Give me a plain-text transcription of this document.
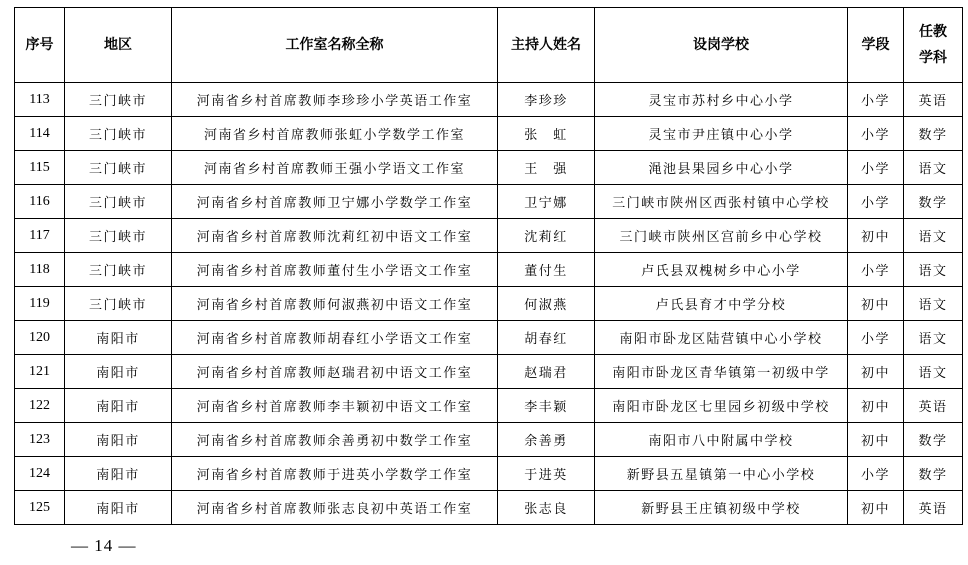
序号	地区	工作室名称全称	主持人姓名	设岗学校	学段	任教
学科

113	三门峡市	河南省乡村首席教师李珍珍小学英语工作室	李珍珍	灵宝市苏村乡中心小学	小学	英语
114	三门峡市	河南省乡村首席教师张虹小学数学工作室	张　虹	灵宝市尹庄镇中心小学	小学	数学
115	三门峡市	河南省乡村首席教师王强小学语文工作室	王　强	渑池县果园乡中心小学	小学	语文
116	三门峡市	河南省乡村首席教师卫宁娜小学数学工作室	卫宁娜	三门峡市陕州区西张村镇中心学校	小学	数学
117	三门峡市	河南省乡村首席教师沈莉红初中语文工作室	沈莉红	三门峡市陕州区宫前乡中心学校	初中	语文
118	三门峡市	河南省乡村首席教师董付生小学语文工作室	董付生	卢氏县双槐树乡中心小学	小学	语文
119	三门峡市	河南省乡村首席教师何淑燕初中语文工作室	何淑燕	卢氏县育才中学分校	初中	语文
120	南阳市	河南省乡村首席教师胡春红小学语文工作室	胡春红	南阳市卧龙区陆营镇中心小学校	小学	语文
121	南阳市	河南省乡村首席教师赵瑞君初中语文工作室	赵瑞君	南阳市卧龙区青华镇第一初级中学	初中	语文
122	南阳市	河南省乡村首席教师李丰颖初中语文工作室	李丰颖	南阳市卧龙区七里园乡初级中学校	初中	英语
123	南阳市	河南省乡村首席教师余善勇初中数学工作室	余善勇	南阳市八中附属中学校	初中	数学
124	南阳市	河南省乡村首席教师于进英小学数学工作室	于进英	新野县五星镇第一中心小学校	小学	数学
125	南阳市	河南省乡村首席教师张志良初中英语工作室	张志良	新野县王庄镇初级中学校	初中	英语
— 14 —
